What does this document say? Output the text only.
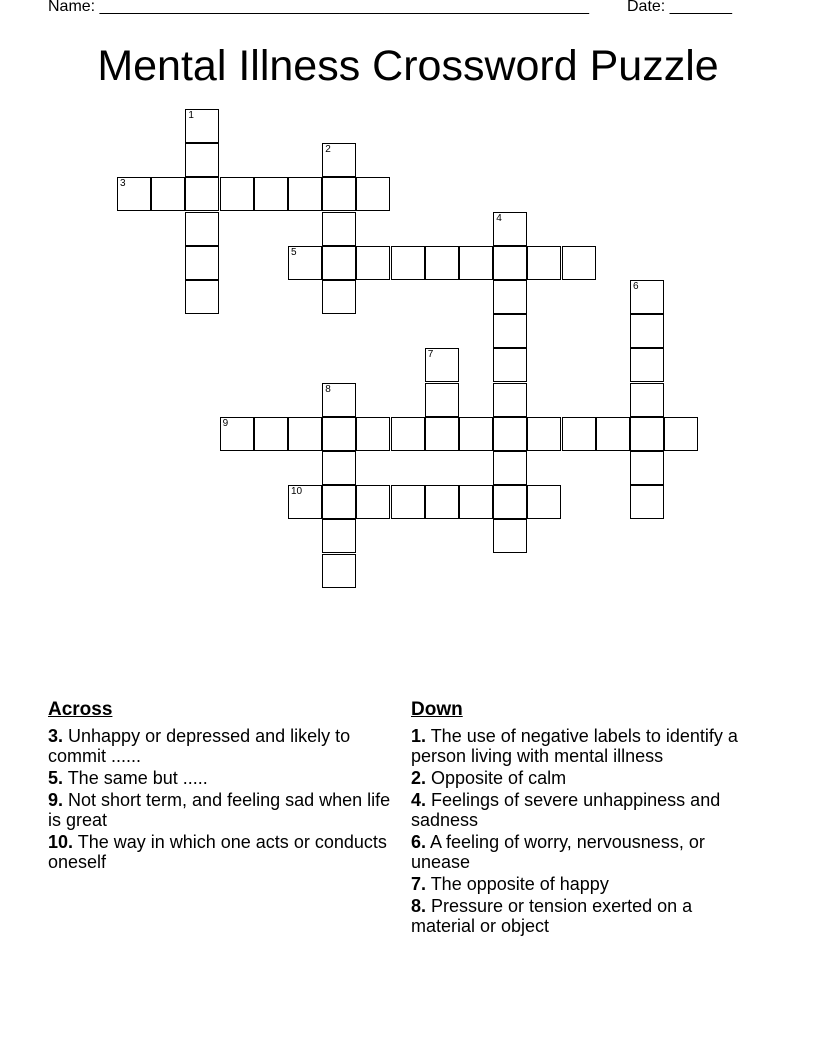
Name: _______________________________________________________ Date: _______
Mental Illness Crossword Puzzle
3
5
9
10
1
2
4
6
7
8
Across
3. Unhappy or depressed and likely to commit ......
5. The same but .....
9. Not short term, and feeling sad when life is great
10. The way in which one acts or conducts oneself
Down
1. The use of negative labels to identify a person living with mental illness
2. Opposite of calm
4. Feelings of severe unhappiness and sadness
6. A feeling of worry, nervousness, or unease
7. The opposite of happy
8. Pressure or tension exerted on a material or object
